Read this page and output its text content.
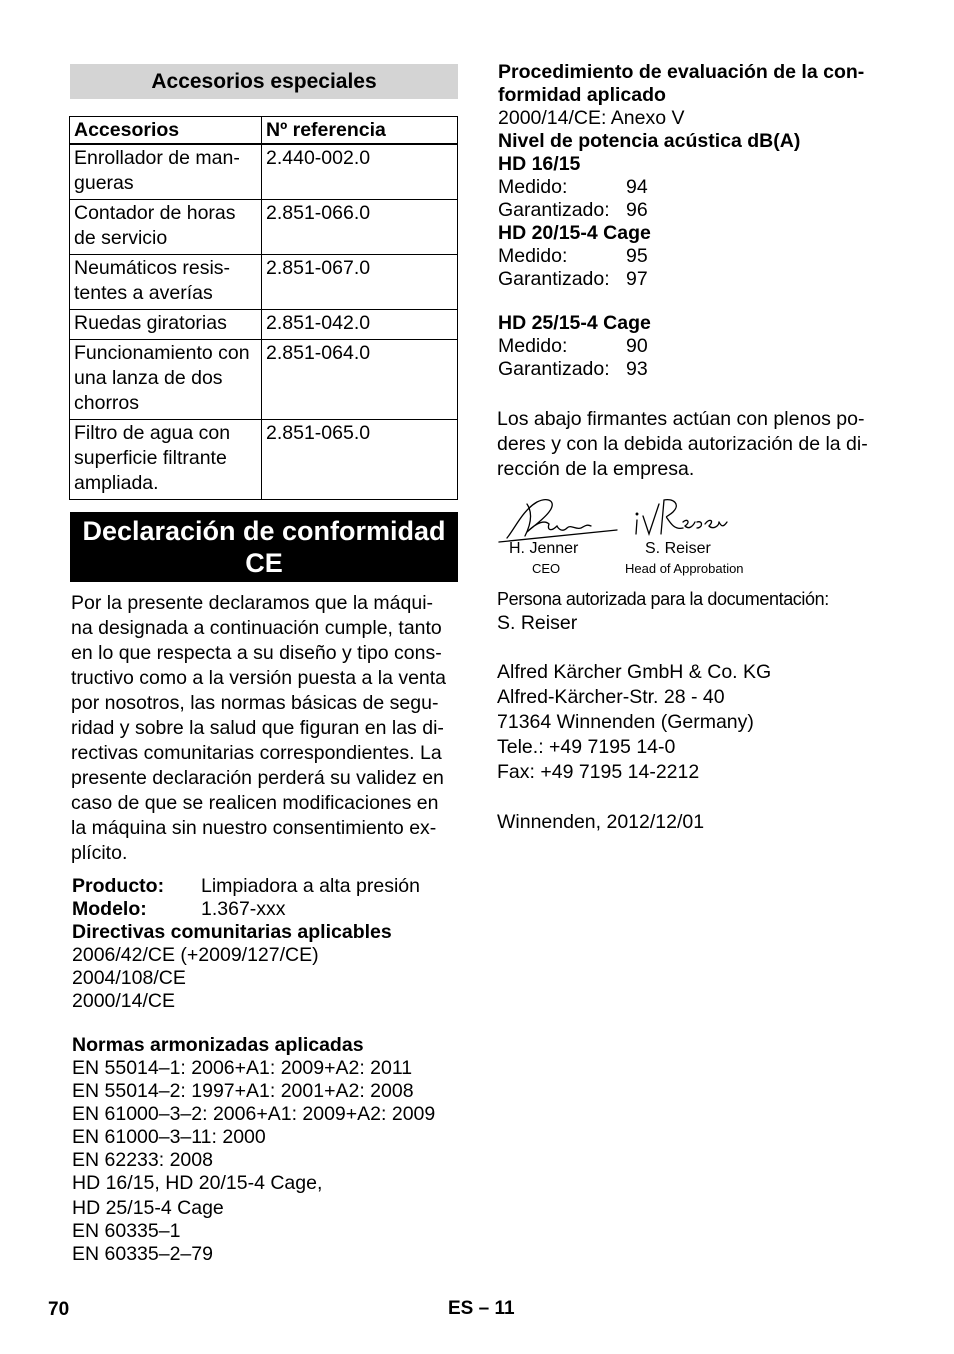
Accesorios especiales
Accesorios	Nº referencia
Enrollador de man-
gueras	2.440-002.0
Contador de horas
de servicio	2.851-066.0
Neumáticos resis-
tentes a averías	2.851-067.0
Ruedas giratorias	2.851-042.0
Funcionamiento con
una lanza de dos
chorros	2.851-064.0
Filtro de agua con
superficie filtrante
ampliada.	2.851-065.0
Declaración de conformidad
CE
Por la presente declaramos que la máqui-
na designada a continuación cumple, tanto
en lo que respecta a su diseño y tipo cons-
tructivo como a la versión puesta a la venta
por nosotros, las normas básicas de segu-
ridad y sobre la salud que figuran en las di-
rectivas comunitarias correspondientes. La
presente declaración perderá su validez en
caso de que se realicen modificaciones en
la máquina sin nuestro consentimiento ex-
plícito.
Producto: Limpiadora a alta presión
Modelo:	1.367-xxx
Directivas comunitarias aplicables
2006/42/CE (+2009/127/CE)
2004/108/CE
2000/14/CE
Normas armonizadas aplicadas
EN 55014–1: 2006+A1: 2009+A2: 2011
EN 55014–2: 1997+A1: 2001+A2: 2008
EN 61000–3–2: 2006+A1: 2009+A2: 2009
EN 61000–3–11: 2000
EN 62233: 2008
HD 16/15, HD 20/15-4 Cage,
HD 25/15-4 Cage
EN 60335–1
EN 60335–2–79
Procedimiento de evaluación de la con-
formidad aplicado
2000/14/CE: Anexo V
Nivel de potencia acústica dB(A)
HD 16/15
Medido:	94
Garantizado: 96
HD 20/15-4 Cage
Medido:	95
Garantizado: 97
HD 25/15-4 Cage
Medido:	90
Garantizado: 93
Los abajo firmantes actúan con plenos po-
deres y con la debida autorización de la di-
rección de la empresa.
H. Jenner
CEO
S. Reiser
Head of Approbation
Persona autorizada para la documentación:
S. Reiser
Alfred Kärcher GmbH & Co. KG
Alfred-Kärcher-Str. 28 - 40
71364 Winnenden (Germany)
Tele.: +49 7195 14-0
Fax: +49 7195 14-2212
Winnenden, 2012/12/01
70	ES – 11
